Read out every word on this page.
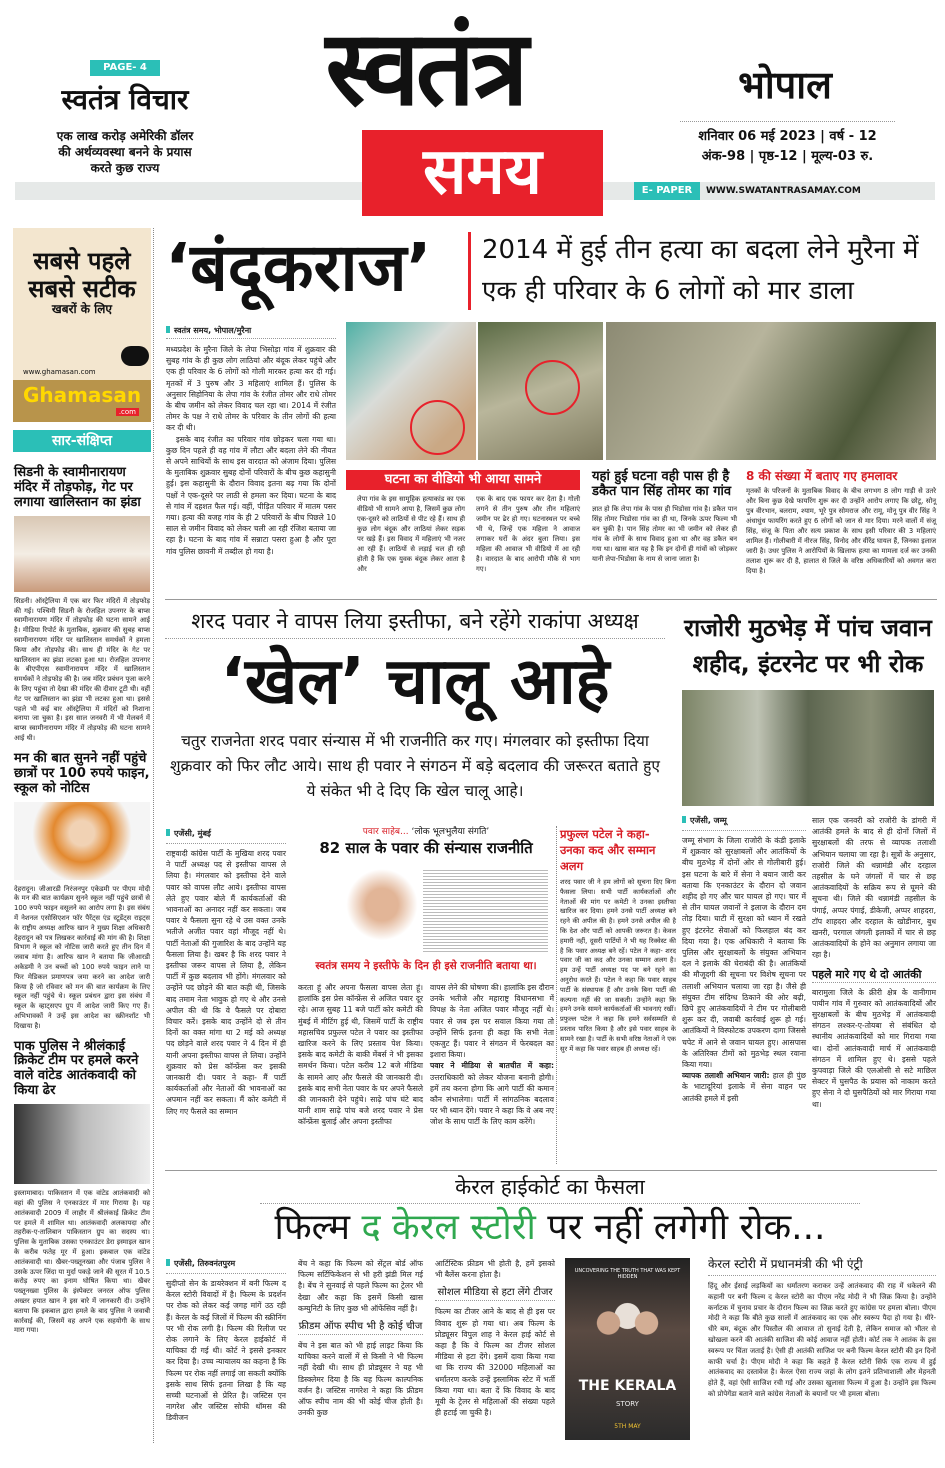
PAGE- 4
स्वतंत्र विचार
एक लाख करोड़ अमेरिकी डॉलर की अर्थव्यवस्था बनने के प्रयास करते कुछ राज्य
स्वतंत्र
समय
भोपाल
शनिवार 06 मई 2023 | वर्ष - 12
अंक-98 | पृष्ठ-12 | मूल्य-03 रु.
E- PAPER	WWW.SWATANTRASAMAY.COM
सबसे पहले
सबसे सटीक
खबरों के लिए
www.ghamasan.com
Ghamasan
.com
सार-संक्षिप्त
सिडनी के स्वामीनारायण मंदिर में तोड़फोड़, गेट पर लगाया खालिस्तान का झंडा
सिडनी। ऑस्ट्रेलिया में एक बार फिर मंदिरों में तोड़फोड़ की गई। पश्चिमी सिडनी के रोजहिल उपनगर के बाप्स स्वामीनारायण मंदिर में तोड़फोड़ की घटना सामने आई है। मीडिया रिपोर्ट के मुताबिक, शुक्रवार की सुबह बाप्स स्वामीनारायण मंदिर पर खालिस्तान समर्थकों ने हमला किया और तोड़फोड़ की। साथ ही मंदिर के गेट पर खालिस्तान का झंडा लटका हुआ था। रोजहिल उपनगर के बीएपीएस स्वामीनारायण मंदिर में खालिस्तान समर्थकों ने तोड़फोड़ की है। जब मंदिर प्रबंधन पूजा करने के लिए पहुंचा तो देखा की मंदिर की दीवार टूटी थी। वहीं गेट पर खालिस्तान का झंडा भी लटका हुआ था। इससे पहले भी कई बार ऑस्ट्रेलिया में मंदिरों को निशाना बनाया जा चुका है। इस साल जनवरी में भी मेलबर्न में बाप्स स्वामीनारायण मंदिर में तोड़फोड़ की घटना सामने आई थी।
मन की बात सुनने नहीं पहुंचे छात्रों पर 100 रुपये फाइन, स्कूल को नोटिस
देहरादून। जीआरडी निरंजनपुर एकेडमी पर पीएम मोदी के मन की बात कार्यक्रम सुनने स्कूल नहीं पहुंचे छात्रों से 100 रुपये फाइन वसूलने का आरोप लगा है। इस संबंध में नेशनल एसोसिएशन फॉर पैरेंट्स एंड स्टूडेंट्स राइट्स के राष्ट्रीय अध्यक्ष आरिफ खान ने मुख्य शिक्षा अधिकारी देहरादून को पत्र लिखकर कार्रवाई की मांग की है। शिक्षा विभाग ने स्कूल को नोटिस जारी करते हुए तीन दिन में जवाब मांगा है। आरिफ खान ने बताया कि जीआरडी अकेडमी ने उन बच्चों को 100 रुपये फाइन लाने या फिर मेडिकल प्रमाणपत्र जमा करने का आदेश जारी किया है जो रविवार को मन की बात कार्यक्रम के लिए स्कूल नहीं पहुंचे थे। स्कूल प्रबंधन द्वारा इस संबंध में स्कूल के व्हाट्सएप ग्रुप में आदेश जारी किए गए हैं। अभिभावकों ने उन्हें इस आदेश का स्क्रीनशॉट भी दिखाया है।
पाक पुलिस ने श्रीलंकाई क्रिकेट टीम पर हमले करने वाले वांटेड आतंकवादी को किया ढेर
इस्लामाबाद। पाकिस्तान में एक वांटेड आतंकवादी को वहां की पुलिस ने एनकाउंटर में मार गिराया है। यह आतंकवादी 2009 में लाहौर में श्रीलंकाई क्रिकेट टीम पर हमले में शामिल था। आतंकवादी अलकायदा और तहरीक-ए-तालिबान पाकिस्तान ग्रुप का सदस्य था। पुलिस के मुताबिक उसका एनकाउंटर डेरा इस्माइल खान के करीब फतेह मूर में हुआ। इकबाल एक वांटेड आतंकवादी था। खैबर-पख्तूनख्वा और पंजाब पुलिस ने उसके ऊपर जिंदा या मुर्दा पकड़े जाने की सूरत में 10.5 करोड़ रुपए का इनाम घोषित किया था। खैबर पख्तूनख्वा पुलिस के इंस्पेक्टर जनरल ऑफ पुलिस अख्तर हयात खान ने इस बारे में जानकारी दी। उन्होंने बताया कि इकबाल द्वारा हमले के बाद पुलिस ने जवाबी कार्रवाई की, जिसमें वह अपने एक सहयोगी के साथ मारा गया।
‘बंदूकराज’	2014 में हुई तीन हत्या का बदला लेने मुरैना में एक ही परिवार के 6 लोगों को मार डाला
स्वतंत्र समय, भोपाल/मुरैना

मध्यप्रदेश के मुरैना जिले के लेपा भिसोड़ा गांव में शुक्रवार की सुबह गांव के ही कुछ लोग लाठियां और बंदूक लेकर पहुंचे और एक ही परिवार के 6 लोगों को गोली मारकर हत्या कर दी गई। मृतकों में 3 पुरुष और 3 महिलाएं शामिल हैं। पुलिस के अनुसार सिहोनिया के लेपा गांव के रंजीत तोमर और राधे तोमर के बीच जमीन को लेकर विवाद चल रहा था। 2014 में रंजीत तोमर के पक्ष ने राधे तोमर के परिवार के तीन लोगों की हत्या कर दी थी।

इसके बाद रंजीत का परिवार गांव छोड़कर चला गया था। कुछ दिन पहले ही वह गांव में लौटा और बदला लेने की नीयत से अपने साथियों के साथ इस वारदात को अंजाम दिया। पुलिस के मुताबिक शुक्रवार सुबह दोनों परिवारों के बीच कुछ कहासुनी हुई। इस कहासुनी के दौरान विवाद इतना बढ़ गया कि दोनों पक्षों ने एक-दूसरे पर लाठी से हमला कर दिया। घटना के बाद से गांव में दहशत फैल गई। वहीं, पीड़ित परिवार में मातम पसर गया। हत्या की वजह गांव के ही 2 परिवारों के बीच पिछले 10 साल से जमीन विवाद को लेकर चली आ रही रंजिश बताया जा रहा है। घटना के बाद गांव में सन्नाटा पसरा हुआ है और पूरा गांव पुलिस छावनी में तब्दील हो गया है।

घटना का वीडियो भी आया सामने
लेपा गांव के इस सामूहिक हत्याकांड का एक वीडियो भी सामने आया है, जिसमें कुछ लोग एक-दूसरे को लाठियों से पीट रहे हैं। साथ ही कुछ लोग बंदूक और लाठियां लेकर सड़क पर खड़े हैं। इस विवाद में महिलाएं भी नजर आ रही हैं। लाठियों से लड़ाई चल ही रही होती है कि एक युवक बंदूक लेकर आता है और
एक के बाद एक फायर कर देता है। गोली लगने से तीन पुरुष और तीन महिलाएं जमीन पर ढेर हो गए। घटनास्थल पर बच्चे भी थे, जिन्हें एक महिला ने आवाज लगाकर घरों के अंदर बुला लिया। इस महिला की आवाज भी वीडियो में आ रही है। वारदात के बाद आरोपी मौके से भाग गए।
यहां हुई घटना वही पास ही है डकैत पान सिंह तोमर का गांव
ज्ञात हो कि लेपा गांव के पास ही भिडोसा गांव है। डकैत पान सिंह तोमर भिडोसा गांव का ही था, जिनके ऊपर फिल्म भी बन चुकी है। पान सिंह तोमर का भी जमीन को लेकर ही गांव के लोगों के साथ विवाद हुआ था और वह डकैत बन गया था। खास बात यह है कि इन दोनों ही गांवों को जोड़कर यानी लेपा-भिडोसा के नाम से जाना जाता है।
8 की संख्या में बताए गए हमलावर
मृतकों के परिजनों के मुताबिक विवाद के बीच लगभग 8 लोग गाड़ी से उतरे और बिना कुछ देखे फायरिंग शुरू कर दी उन्होंने आरोप लगाए कि छोटू, सोनू पुत्र वीरभान, बलराम, श्याम, भूरे पुत्र सोमराज और रामू, मोनू पुत्र वीर सिंह ने अंधाधुंध फायरिंग करते हुए 6 लोगों को जान से मार दिया। मरने वालों में संजू सिंह, संजू के पिता और सत्य प्रकाश के साथ इसी परिवार की 3 महिलाएं शामिल हैं। गोलीबारी में नीरज सिंह, विनोद और वीरेंद्र घायल हैं, जिनका इलाज जारी है। उधर पुलिस ने आरोपियों के खिलाफ हत्या का मामला दर्ज कर उनकी तलाश शुरू कर दी है, हालात से जिले के वरिष्ठ अधिकारियों को अवगत करा दिया है।
शरद पवार ने वापस लिया इस्तीफा, बने रहेंगे राकांपा अध्यक्ष
‘खेल’ चालू आहे
चतुर राजनेता शरद पवार संन्यास में भी राजनीति कर गए। मंगलवार को इस्तीफा दिया शुक्रवार को फिर लौट आये। साथ ही पवार ने संगठन में बड़े बदलाव की जरूरत बताते हुए ये संकेत भी दे दिए कि खेल चालू आहे।
एजेंसी, मुंबई
राष्ट्रवादी कांग्रेस पार्टी के मुखिया शरद पवार ने पार्टी अध्यक्ष पद से इस्तीफा वापस ले लिया है। मंगलवार को इस्तीफा देने वाले पवार को वापस लौट आये। इस्तीफा वापस लेते हुए पवार बोले मैं कार्यकर्ताओं की भावनाओं का अनादर नहीं कर सकता। जब पवार ये फैसला सुना रहे थे उस वक्त उनके भतीजे अजीत पवार वहां मौजूद नहीं थे। पार्टी नेताओं की गुजारिश के बाद उन्होंने यह फैसला लिया है। खबर है कि शरद पवार ने इस्तीफा जरूर वापस ले लिया है, लेकिन पार्टी में कुछ बदलाव भी होंगे। मंगलवार को उन्होंने पद छोड़ने की बात कही थी, जिसके बाद तमाम नेता भावुक हो गए थे और उनसे अपील की थी कि वे फैसले पर दोबारा विचार करें। इसके बाद उन्होंने दो से तीन दिनों का वक्त मांगा था 2 मई को अध्यक्ष पद छोड़ने वाले शरद पवार ने 4 दिन में ही यानी अपना इस्तीफा वापस ले लिया। उन्होंने शुक्रवार को प्रेस कॉन्फ्रेंस कर इसकी जानकारी दी। पवार ने कहा- मैं पार्टी कार्यकर्ताओं और नेताओं की भावनाओं का अपमान नहीं कर सकता। मैं कोर कमेटी में लिए गए फैसले का सम्मान
पवार साहेब... ‘लोक भूलभुलैया संगति’
82 साल के पवार की संन्यास राजनीति
स्वतंत्र समय ने इस्तीफे के दिन ही इसे राजनीति बताया था।
करता हूं और अपना फैसला वापस लेता हूं। हालांकि इस प्रेस कॉन्फ्रेंस से अजित पवार दूर रहे। आज सुबह 11 बजे पार्टी कोर कमेटी की मुंबई में मीटिंग हुई थी, जिसमें पार्टी के राष्ट्रीय महासचिव प्रफुल्ल पटेल ने पवार का इस्तीफा खारिज करने के लिए प्रस्ताव पेश किया। इसके बाद कमेटी के बाकी मेंबर्स ने भी इसका समर्थन किया। पटेल करीब 12 बजे मीडिया के सामने आए और फैसले की जानकारी दी। इसके बाद सभी नेता पवार के घर अपने फैसले की जानकारी देने पहुंचे। साढ़े पांच घंटे बाद यानी शाम साढ़े पांच बजे शरद पवार ने प्रेस कॉन्फ्रेंस बुलाई और अपना इस्तीफा
वापस लेने की घोषणा की। हालांकि इस दौरान उनके भतीजे और महाराष्ट्र विधानसभा में विपक्ष के नेता अजित पवार मौजूद नहीं थे। पवार से जब इस पर सवाल किया गया तो उन्होंने सिर्फ इतना ही कहा कि सभी नेता एकजुट हैं। पवार ने संगठन में फेरबदल का इशारा किया।
पवार ने मीडिया से बातचीत में कहा: उत्तराधिकारी को लेकर योजना बनानी होगी। हमें तय करना होगा कि आगे पार्टी की कमान कौन संभालेगा। पार्टी में सांगठनिक बदलाव पर भी ध्यान देंगे। पवार ने कहा कि वे अब नए जोश के साथ पार्टी के लिए काम करेंगे।
प्रफुल्ल पटेल ने कहा- उनका कद और सम्मान अलग
शरद पवार जी ने हम लोगों को सूचना दिए बिना फैसला लिया। सभी पार्टी कार्यकर्ताओं और नेताओं की मांग पर कमेटी ने उनका इस्तीफा खारिज कर दिया। हमने उनसे पार्टी अध्यक्ष बने रहने की अपील की है। हमने उनसे अपील की है कि देश और पार्टी को आपकी जरूरत है। केवल हमारी नहीं, दूसरी पार्टियों ने भी यह रिक्वेस्ट की है कि पवार अध्यक्ष बने रहें। पटेल ने कहा- शरद पवार जी का कद और उनका सम्मान अलग है। हम उन्हें पार्टी अध्यक्ष पद पर बने रहने का अनुरोध करते हैं। पटेल ने कहा कि पवार साहब पार्टी के संस्थापक हैं और उनके बिना पार्टी की कल्पना नहीं की जा सकती। उन्होंने कहा कि हमने उनके सामने कार्यकर्ताओं की भावनाएं रखीं। प्रफुल्ल पटेल ने कहा कि हमने सर्वसम्मति से प्रस्ताव पारित किया है और इसे पवार साहब के सामने रखा है। पार्टी के सभी वरिष्ठ नेताओं ने एक सुर में कहा कि पवार साहब ही अध्यक्ष रहें।
राजोरी मुठभेड़ में पांच जवान शहीद, इंटरनेट पर भी रोक
एजेंसी, जम्मू
जम्मू संभाग के जिला राजोरी के कंडी इलाके में शुक्रवार को सुरक्षाबलों और आतंकियों के बीच मुठभेड़ में दोनों ओर से गोलीबारी हुई। इस घटना के बारे में सेना ने बयान जारी कर बताया कि एनकाउंटर के दौरान दो जवान शहीद हो गए और चार घायल हो गए। चार में से तीन घायल जवानों ने इलाज के दौरान दम तोड़ दिया। घाटी में सुरक्षा को ध्यान में रखते हुए इंटरनेट सेवाओं को फिलहाल बंद कर दिया गया है। एक अधिकारी ने बताया कि पुलिस और सुरक्षाबलों के संयुक्त अभियान दल ने इलाके की घेराबंदी की है। आतंकियों की मौजूदगी की सूचना पर विशेष सूचना पर तलाशी अभियान चलाया जा रहा है। जैसे ही संयुक्त टीम संदिग्ध ठिकाने की ओर बढ़ी, छिपे हुए आतंकवादियों ने टीम पर गोलीबारी शुरू कर दी, जवाबी कार्रवाई शुरू हो गई। आतंकियों ने विस्फोटक उपकरण दागा जिससे चपेट में आने से जवान घायल हुए। आसपास के अतिरिक्त टीमों को मुठभेड़ स्थल रवाना किया गया।
व्यापक तलाशी अभियान जारी: हाल ही पुंछ के भाटादूरियां इलाके में सेना वाहन पर आतंकी हमले में इसी
साल एक जनवरी को राजोरी के डांगरी में आतंकी हमले के बाद से ही दोनों जिलों में सुरक्षाबलों की तरफ से व्यापक तलाशी अभियान चलाया जा रहा है। सूत्रों के अनुसार, राजोरी जिले की थन्नामंडी और दरहाल तहसील के घने जंगलों में चार से छह आतंकवादियों के सक्रिय रूप से घूमने की सूचना थी। जिले की थन्नामंडी तहसील के पंगाई, अप्पर पंगाई, डीकेजी, अप्पर शाहदरा, टॉप शाहदरा और दरहाल के खोडीनार, बुध खनरी, परगाल जंगली इलाकों में चार से छह आतंकवादियों के होने का अनुमान लगाया जा रहा है।
पहले मारे गए थे दो आतंकी
बारामुला जिले के क्रीरी क्षेत्र के वानीगाम पायीन गांव में गुरुवार को आतंकवादियों और सुरक्षाबलों के बीच मुठभेड़ में आतंकवादी संगठन लश्कर-ए-तोयबा से संबंधित दो स्थानीय आतंकवादियों को मार गिराया गया था। दोनों आतंकवादी मार्च में आतंकवादी संगठन में शामिल हुए थे। इससे पहले कुपवाड़ा जिले की एलओसी से सटे माछिल सेक्टर में घुसपैठ के प्रयास को नाकाम करते हुए सेना ने दो घुसपैठियों को मार गिराया गया था।
केरल हाईकोर्ट का फैसला
फिल्म द केरल स्टोरी पर नहीं लगेगी रोक...
एजेंसी, तिरुवनंतपुरम
सुदीप्तो सेन के डायरेक्शन में बनी फिल्म द केरल स्टोरी विवादों में है। फिल्म के प्रदर्शन पर रोक को लेकर कई जगह मांगें उठ रही हैं। केरल के कई जिलों में फिल्म की स्क्रीनिंग पर भी रोक लगी है। फिल्म की रिलीज पर रोक लगाने के लिए केरल हाईकोर्ट में याचिका दी गई थी। कोर्ट ने इससे इनकार कर दिया है। उच्च न्यायालय का कहना है कि फिल्म पर रोक नहीं लगाई जा सकती क्योंकि इसके साथ सिर्फ इतना लिखा है कि यह सच्ची घटनाओं से प्रेरित है। जस्टिस एन नागरेश और जस्टिस सोफी थॉमस की डिवीजन
बेंच ने कहा कि फिल्म को सेंट्रल बोर्ड ऑफ फिल्म सर्टिफिकेशन से भी हरी झंडी मिल गई है। बेंच ने सुनवाई से पहले फिल्म का ट्रेलर भी देखा और कहा कि इसमें किसी खास कम्युनिटी के लिए कुछ भी ऑफेंसिव नहीं है।
फ्रीडम ऑफ स्पीच भी है कोई चीज
बेंच ने इस बात को भी हाई लाइट किया कि याचिका करने वालों में से किसी ने भी फिल्म नहीं देखी थी। साथ ही प्रोड्यूसर ने यह भी डिस्क्लेमर दिया है कि यह फिल्म काल्पनिक वर्जन है। जस्टिस नागरेश ने कहा कि फ्रीडम ऑफ स्पीच नाम की भी कोई चीज होती है। उनकी कुछ
आर्टिस्टिक फ्रीडम भी होती है, हमें इसको भी बैलेंस करना होता है।
सोशल मीडिया से हटा लेंगे टीजर
फिल्म का टीजर आने के बाद से ही इस पर विवाद शुरू हो गया था। अब फिल्म के प्रोड्यूसर विपुल शाह ने केरल हाई कोर्ट से कहा है कि वे फिल्म का टीजर सोशल मीडिया से हटा देंगे। इसमें दावा किया गया था कि राज्य की 32000 महिलाओं का धर्मांतरण करके उन्हें इस्लामिक स्टेट में भर्ती किया गया था। बता दें कि विवाद के बाद मूवी के ट्रेलर से महिलाओं की संख्या पहले ही हटाई जा चुकी है।
UNCOVERING THE TRUTH THAT WAS KEPT HIDDEN
THE KERALA
STORY
5TH MAY
केरल स्टोरी में प्रधानमंत्री की भी एंट्री
हिंदू और ईसाई लड़कियों का धर्मांतरण कराकर उन्हें आतंकवाद की राह में धकेलने की कहानी पर बनी फिल्म द केरल स्टोरी का पीएम नरेंद्र मोदी ने भी जिक्र किया है। उन्होंने कर्नाटक में चुनाव प्रचार के दौरान फिल्म का जिक्र करते हुए कांग्रेस पर हमला बोला। पीएम मोदी ने कहा कि बीते कुछ सालों में आतंकवाद का एक और स्वरूप पैदा हो गया है। धीरे-धीरे बम, बंदूक और पिस्तौल की आवाज तो सुनाई देती है, लेकिन समाज को भीतर से खोखला करने की आतंकी साजिश की कोई आवाज नहीं होती। कोर्ट तक ने आतंक के इस स्वरूप पर चिंता जताई है। ऐसी ही आतंकी साजिश पर बनी फिल्म केरल स्टोरी की इन दिनों काफी चर्चा है। पीएम मोदी ने कहा कि कहते हैं केरल स्टोरी सिर्फ एक राज्य में हुई आतंकवाद का दस्तावेज है। केरल ऐसा राज्य जहां के लोग इतने प्रतिभाशाली और मेहनती होते हैं, वहां ऐसी साजिश रची गई और उसका खुलासा फिल्म में हुआ है। उन्होंने इस फिल्म को प्रोपेगेंडा बताने वाले कांग्रेस नेताओं के बयानों पर भी हमला बोला।
